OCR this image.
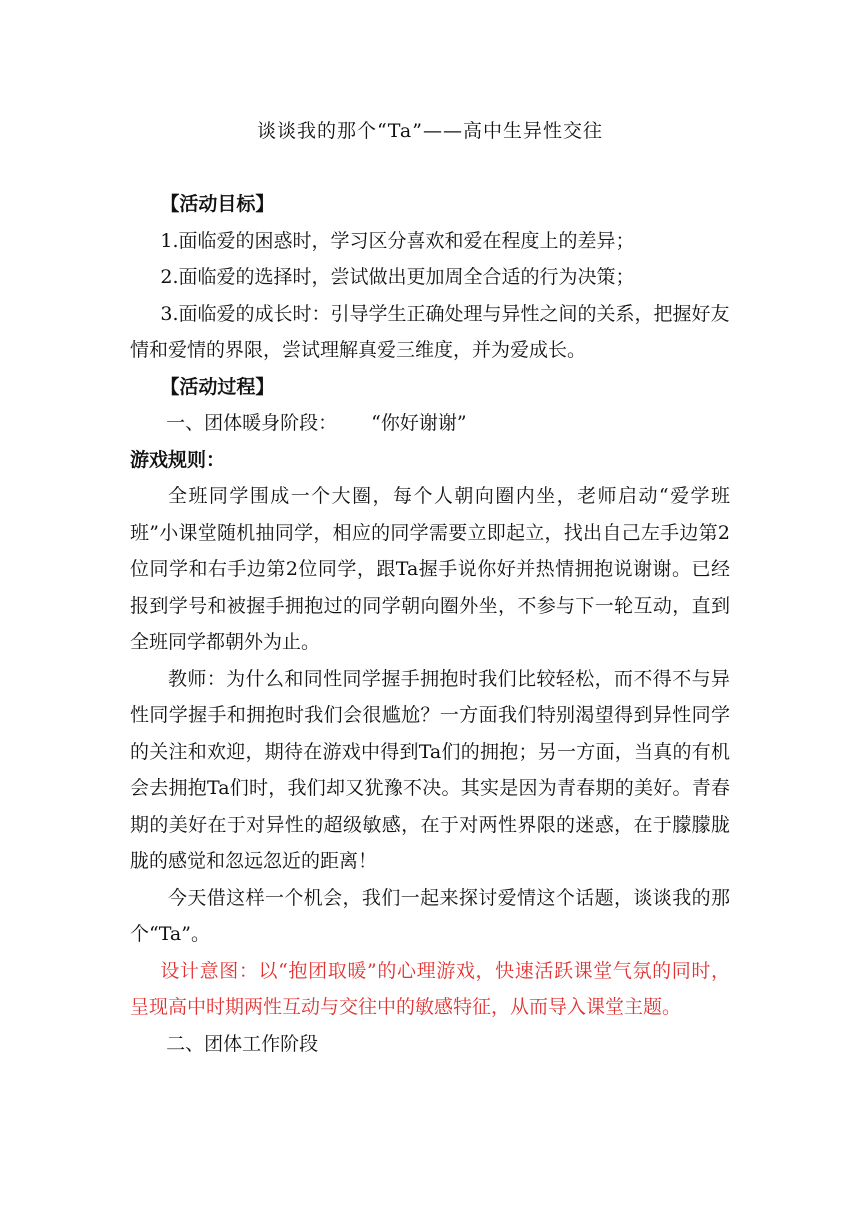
谈谈我的那个“Ta”——高中生异性交往

【活动目标】

1.面临爱的困惑时，学习区分喜欢和爱在程度上的差异；

2.面临爱的选择时，尝试做出更加周全合适的行为决策；

3.面临爱的成长时：引导学生正确处理与异性之间的关系，把握好友情和爱情的界限，尝试理解真爱三维度，并为爱成长。

【活动过程】

一、团体暖身阶段： “你好谢谢”

游戏规则：

全班同学围成一个大圈，每个人朝向圈内坐，老师启动“爱学班班”小课堂随机抽同学，相应的同学需要立即起立，找出自己左手边第2位同学和右手边第2位同学，跟Ta握手说你好并热情拥抱说谢谢。已经报到学号和被握手拥抱过的同学朝向圈外坐，不参与下一轮互动，直到全班同学都朝外为止。

教师：为什么和同性同学握手拥抱时我们比较轻松，而不得不与异性同学握手和拥抱时我们会很尴尬？一方面我们特别渴望得到异性同学的关注和欢迎，期待在游戏中得到Ta们的拥抱；另一方面，当真的有机会去拥抱Ta们时，我们却又犹豫不决。其实是因为青春期的美好。青春期的美好在于对异性的超级敏感，在于对两性界限的迷惑，在于朦朦胧胧的感觉和忽远忽近的距离！

今天借这样一个机会，我们一起来探讨爱情这个话题，谈谈我的那个“Ta”。

设计意图：以“抱团取暖”的心理游戏，快速活跃课堂气氛的同时，呈现高中时期两性互动与交往中的敏感特征，从而导入课堂主题。

二、团体工作阶段
